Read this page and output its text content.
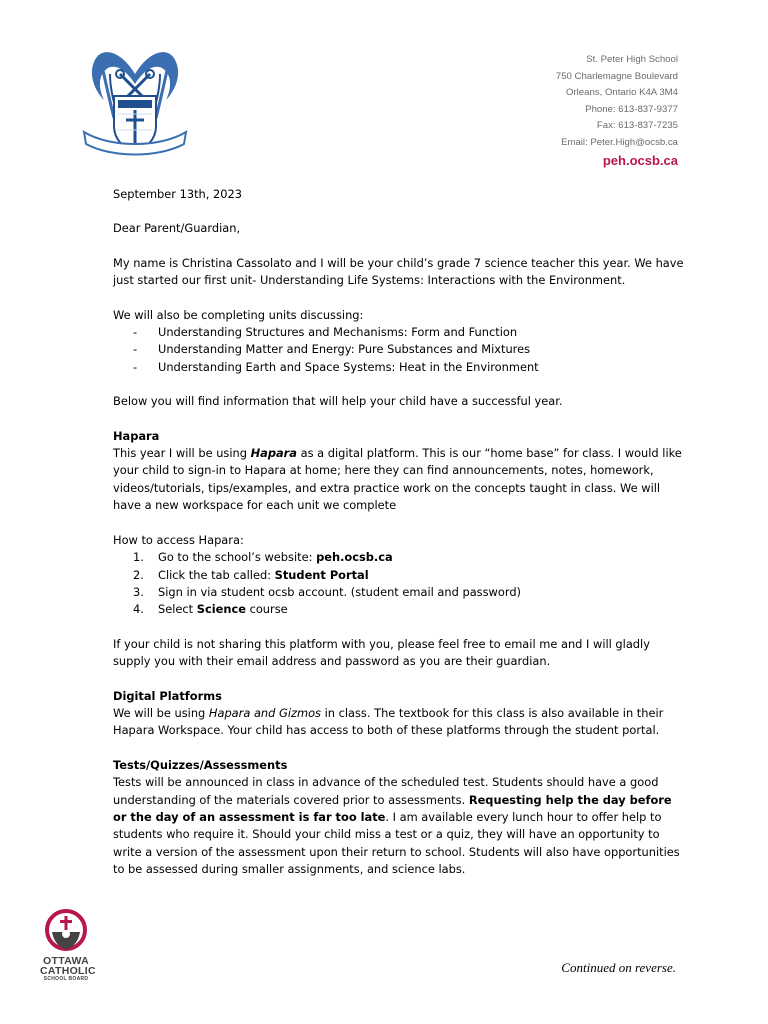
St. Peter High School
750 Charlemagne Boulevard
Orleans, Ontario K4A 3M4
Phone: 613-837-9377
Fax: 613-837-7235
Email: Peter.High@ocsb.ca
peh.ocsb.ca

September 13th, 2023

Dear Parent/Guardian,

My name is Christina Cassolato and I will be your child’s grade 7 science teacher this year. We have just started our first unit- Understanding Life Systems: Interactions with the Environment.

We will also be completing units discussing:

- Understanding Structures and Mechanisms: Form and Function
- Understanding Matter and Energy: Pure Substances and Mixtures
- Understanding Earth and Space Systems: Heat in the Environment

Below you will find information that will help your child have a successful year.

Hapara

This year I will be using Hapara as a digital platform. This is our “home base” for class. I would like your child to sign-in to Hapara at home; here they can find announcements, notes, homework, videos/tutorials, tips/examples, and extra practice work on the concepts taught in class. We will have a new workspace for each unit we complete

How to access Hapara:

1. Go to the school’s website: peh.ocsb.ca
2. Click the tab called: Student Portal
3. Sign in via student ocsb account. (student email and password)
4. Select Science course

If your child is not sharing this platform with you, please feel free to email me and I will gladly supply you with their email address and password as you are their guardian.

Digital Platforms

We will be using Hapara and Gizmos in class. The textbook for this class is also available in their Hapara Workspace. Your child has access to both of these platforms through the student portal.

Tests/Quizzes/Assessments

Tests will be announced in class in advance of the scheduled test. Students should have a good understanding of the materials covered prior to assessments. Requesting help the day before or the day of an assessment is far too late. I am available every lunch hour to offer help to students who require it. Should your child miss a test or a quiz, they will have an opportunity to write a version of the assessment upon their return to school. Students will also have opportunities to be assessed during smaller assignments, and science labs.

OTTAWA
CATHOLIC
SCHOOL BOARD
Continued on reverse.
